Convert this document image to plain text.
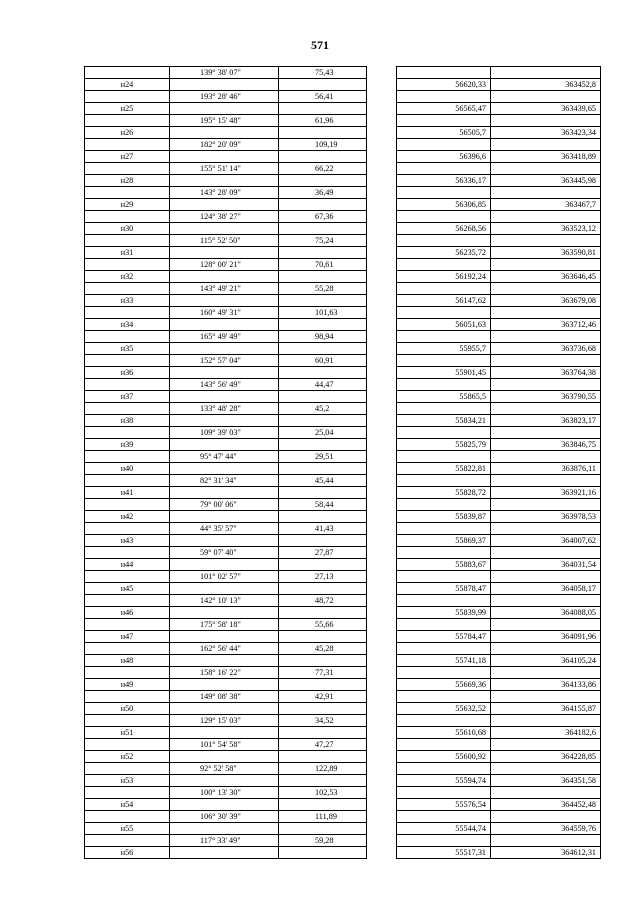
571
	139° 38' 07"	75,43			
н24				56620,33	363452,8
	193° 28' 46"	56,41			
н25				56565,47	363439,65
	195° 15' 48"	61,96			
н26				56505,7	363423,34
	182° 20' 09"	109,19			
н27				56396,6	363418,89
	155° 51' 14"	66,22			
н28				56336,17	363445,98
	143° 28' 09"	36,49			
н29				56306,85	363467,7
	124° 38' 27"	67,36			
н30				56268,56	363523,12
	115° 52' 50"	75,24			
н31				56235,72	363590,81
	128° 00' 21"	70,61			
н32				56192,24	363646,45
	143° 49' 21"	55,28			
н33				56147,62	363679,08
	160° 49' 31"	101,63			
н34				56051,63	363712,46
	165° 49' 49"	98,94			
н35				55955,7	363736,68
	152° 57' 04"	60,91			
н36				55901,45	363764,38
	143° 56' 49"	44,47			
н37				55865,5	363790,55
	133° 48' 28"	45,2			
н38				55834,21	363823,17
	109° 39' 03"	25,04			
н39				55825,79	363846,75
	95° 47' 44"	29,51			
н40				55822,81	363876,11
	82° 31' 34"	45,44			
н41				55828,72	363921,16
	79° 00' 06"	58,44			
н42				55839,87	363978,53
	44° 35' 57"	41,43			
н43				55869,37	364007,62
	59° 07' 40"	27,87			
н44				55883,67	364031,54
	101° 02' 57"	27,13			
н45				55878,47	364058,17
	142° 10' 13"	48,72			
н46				55839,99	364088,05
	175° 58' 18"	55,66			
н47				55784,47	364091,96
	162° 56' 44"	45,28			
н48				55741,18	364105,24
	158° 16' 22"	77,31			
н49				55669,36	364133,86
	149° 08' 38"	42,91			
н50				55632,52	364155,87
	129° 15' 03"	34,52			
н51				55610,68	364182,6
	101° 54' 58"	47,27			
н52				55600,92	364228,85
	92° 52' 58"	122,89			
н53				55594,74	364351,58
	100° 13' 30"	102,53			
н54				55576,54	364452,48
	106° 30' 39"	111,89			
н55				55544,74	364559,76
	117° 33' 49"	59,28			
н56				55517,31	364612,31
